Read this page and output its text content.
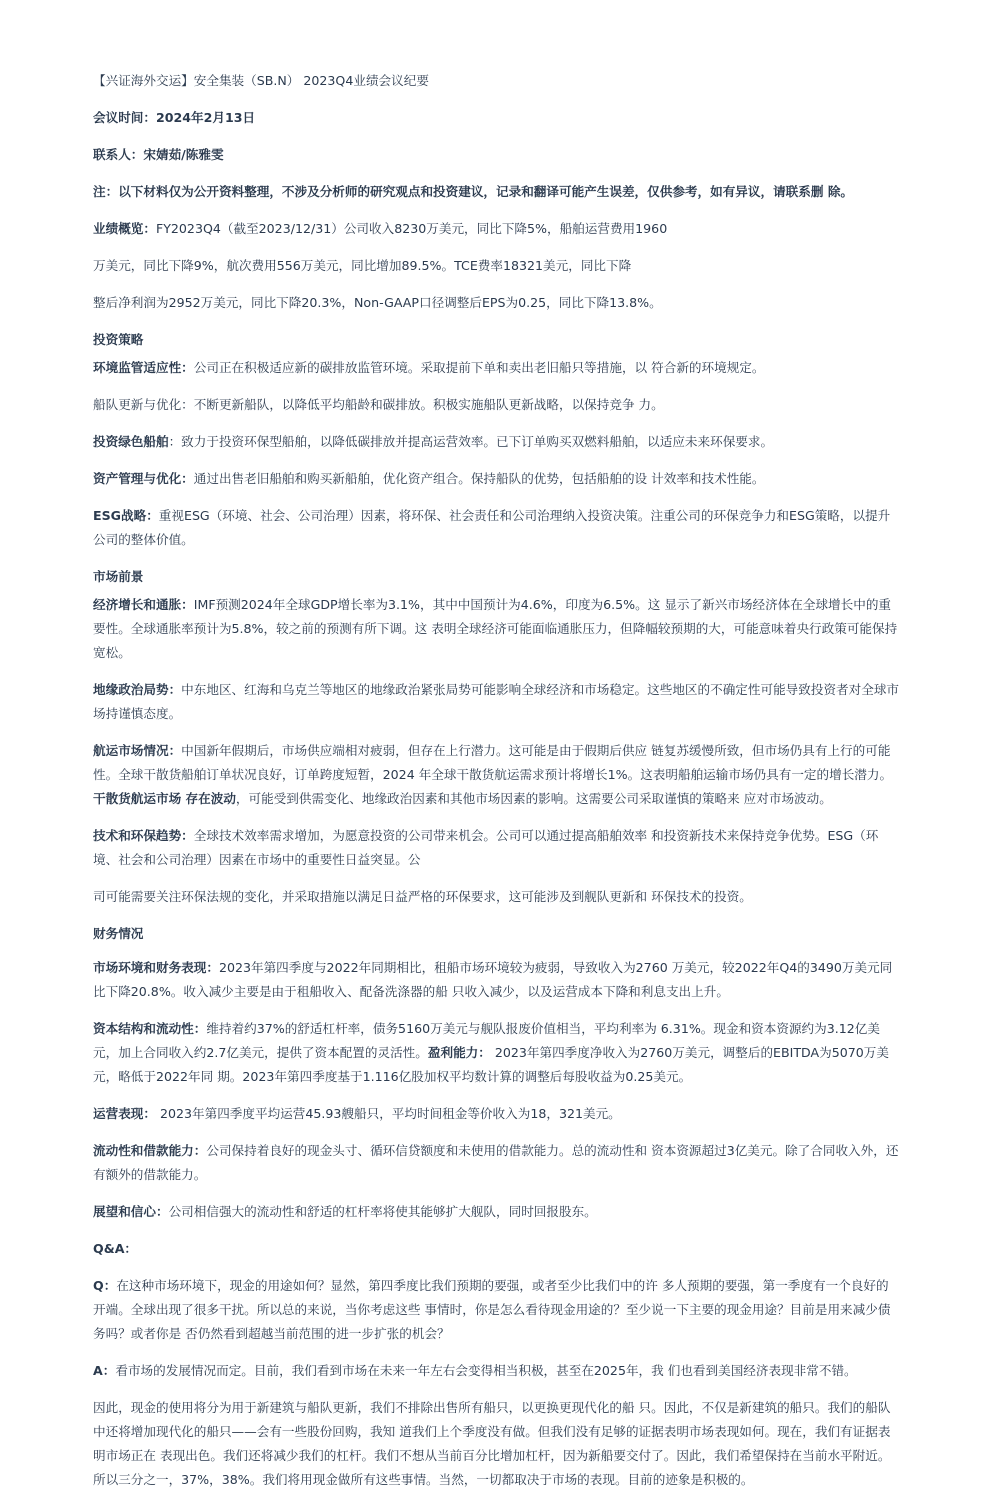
【兴证海外交运】安全集装（SB.N） 2023Q4业绩会议纪要

会议时间：2024年2月13日

联系人：宋婧茹/陈雅雯

注：以下材料仅为公开资料整理，不涉及分析师的研究观点和投资建议，记录和翻译可能产生误差，仅供参考，如有异议，请联系删 除。

业绩概览：FY2023Q4（截至2023/12/31）公司收入8230万美元，同比下降5%，船舶运营费用1960

万美元，同比下降9%，航次费用556万美元，同比增加89.5%。TCE费率18321美元，同比下降

整后净利润为2952万美元，同比下降20.3%，Non-GAAP口径调整后EPS为0.25，同比下降13.8%。

投资策略

环境监管适应性：公司正在积极适应新的碳排放监管环境。采取提前下单和卖出老旧船只等措施，以 符合新的环境规定。

船队更新与优化：不断更新船队，以降低平均船龄和碳排放。积极实施船队更新战略，以保持竞争 力。

投资绿色船舶：致力于投资环保型船舶，以降低碳排放并提高运营效率。已下订单购买双燃料船舶，以适应未来环保要求。

资产管理与优化：通过出售老旧船舶和购买新船舶，优化资产组合。保持船队的优势，包括船舶的设 计效率和技术性能。

ESG战略：重视ESG（环境、社会、公司治理）因素，将环保、社会责任和公司治理纳入投资决策。注重公司的环保竞争力和ESG策略，以提升
公司的整体价值。

市场前景

经济增长和通胀：IMF预测2024年全球GDP增长率为3.1%，其中中国预计为4.6%，印度为6.5%。这 显示了新兴市场经济体在全球增长中的重
要性。全球通胀率预计为5.8%，较之前的预测有所下调。这 表明全球经济可能面临通胀压力，但降幅较预期的大，可能意味着央行政策可能保持
宽松。

地缘政治局势：中东地区、红海和乌克兰等地区的地缘政治紧张局势可能影响全球经济和市场稳定。这些地区的不确定性可能导致投资者对全球市
场持谨慎态度。

航运市场情况：中国新年假期后，市场供应端相对疲弱，但存在上行潜力。这可能是由于假期后供应 链复苏缓慢所致，但市场仍具有上行的可能
性。全球干散货船舶订单状况良好，订单跨度短暂，2024 年全球干散货航运需求预计将增长1%。这表明船舶运输市场仍具有一定的增长潜力。
干散货航运市场 存在波动，可能受到供需变化、地缘政治因素和其他市场因素的影响。这需要公司采取谨慎的策略来 应对市场波动。

技术和环保趋势：全球技术效率需求增加，为愿意投资的公司带来机会。公司可以通过提高船舶效率 和投资新技术来保持竞争优势。ESG（环
境、社会和公司治理）因素在市场中的重要性日益突显。公

司可能需要关注环保法规的变化，并采取措施以满足日益严格的环保要求，这可能涉及到舰队更新和 环保技术的投资。

财务情况

市场环境和财务表现：2023年第四季度与2022年同期相比，租船市场环境较为疲弱，导致收入为2760 万美元，较2022年Q4的3490万美元同
比下降20.8%。收入减少主要是由于租船收入、配备洗涤器的船 只收入减少，以及运营成本下降和利息支出上升。

资本结构和流动性：维持着约37%的舒适杠杆率，债务5160万美元与舰队报废价值相当，平均利率为 6.31%。现金和资本资源约为3.12亿美
元，加上合同收入约2.7亿美元，提供了资本配置的灵活性。盈利能力： 2023年第四季度净收入为2760万美元，调整后的EBITDA为5070万美
元，略低于2022年同 期。2023年第四季度基于1.116亿股加权平均数计算的调整后每股收益为0.25美元。

运营表现： 2023年第四季度平均运营45.93艘船只，平均时间租金等价收入为18，321美元。

流动性和借款能力：公司保持着良好的现金头寸、循环信贷额度和未使用的借款能力。总的流动性和 资本资源超过3亿美元。除了合同收入外，还
有额外的借款能力。

展望和信心：公司相信强大的流动性和舒适的杠杆率将使其能够扩大舰队，同时回报股东。

Q&A：

Q：在这种市场环境下，现金的用途如何？显然，第四季度比我们预期的要强，或者至少比我们中的许 多人预期的要强，第一季度有一个良好的
开端。全球出现了很多干扰。所以总的来说，当你考虑这些 事情时，你是怎么看待现金用途的？至少说一下主要的现金用途？目前是用来减少债
务吗？或者你是 否仍然看到超越当前范围的进一步扩张的机会？

A：看市场的发展情况而定。目前，我们看到市场在未来一年左右会变得相当积极，甚至在2025年，我 们也看到美国经济表现非常不错。

因此，现金的使用将分为用于新建筑与船队更新，我们不排除出售所有船只，以更换更现代化的船 只。因此，不仅是新建筑的船只。我们的船队
中还将增加现代化的船只——会有一些股份回购，我知 道我们上个季度没有做。但我们没有足够的证据表明市场表现如何。现在，我们有证据表
明市场正在 表现出色。我们还将减少我们的杠杆。我们不想从当前百分比增加杠杆，因为新船要交付了。因此，我们希望保持在当前水平附近。
所以三分之一，37%，38%。我们将用现金做所有这些事情。当然，一切都取决于市场的表现。目前的迹象是积极的。
